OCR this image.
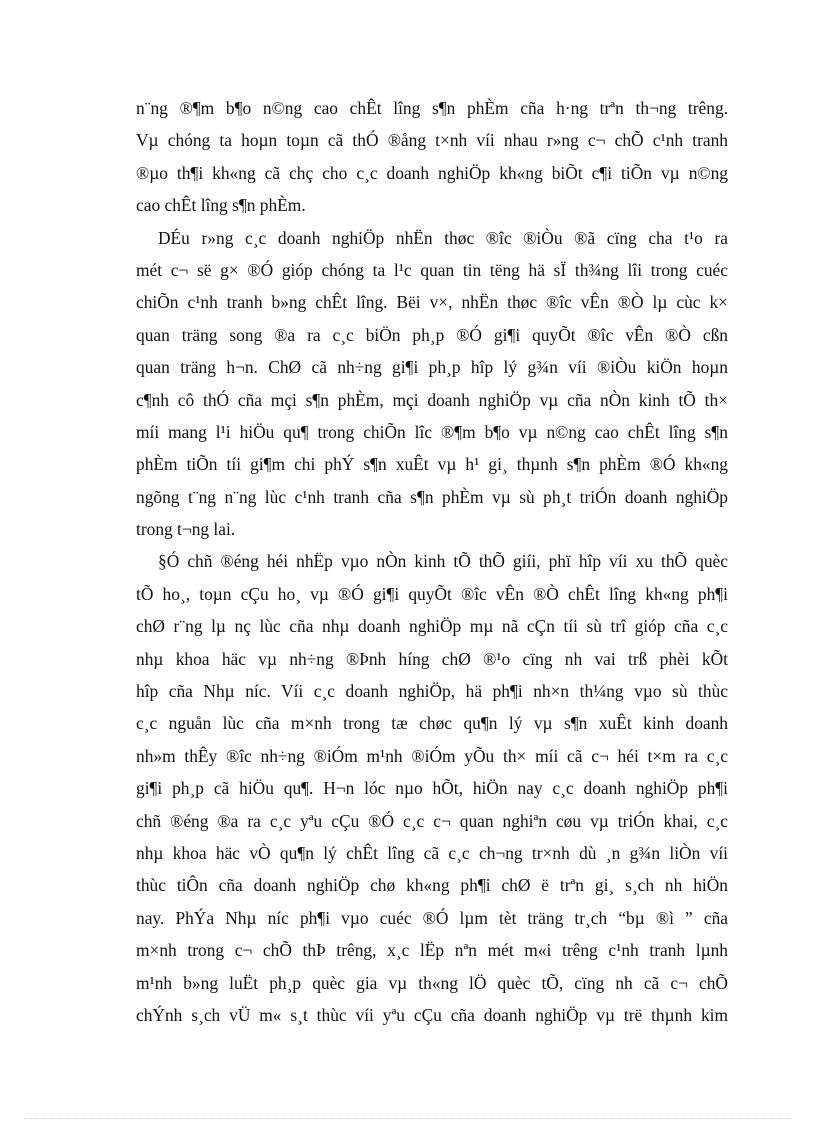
n¨ng ®¶m b¶o n©ng cao chÊt lîng s¶n phÈm cña h·ng trªn th¬ng trêng.
Vµ chóng ta hoµn toµn cã thÓ ®ång t×nh víi nhau r»ng c¬ chÕ c¹nh tranh
®µo th¶i kh«ng cã chç cho c¸c doanh nghiÖp kh«ng biÕt c¶i tiÕn vµ n©ng
cao chÊt lîng s¶n phÈm.
DÉu r»ng c¸c doanh nghiÖp nhËn thøc ®îc ®iÒu ®ã cïng cha t¹o ra
mét c¬ së g× ®Ó gióp chóng ta l¹c quan tin tëng hä sÏ th¾ng lîi trong cuéc
chiÕn c¹nh tranh b»ng chÊt lîng. Bëi v×, nhËn thøc ®îc vÊn ®Ò lµ cùc k×
quan träng song ®a ra c¸c biÖn ph¸p ®Ó gi¶i quyÕt ®îc vÊn ®Ò cßn
quan träng h¬n. ChØ cã nh÷ng gi¶i ph¸p hîp lý g¾n víi ®iÒu kiÖn hoµn
c¶nh cô thÓ cña mçi s¶n phÈm, mçi doanh nghiÖp vµ cña nÒn kinh tÕ th×
míi mang l¹i hiÖu qu¶ trong chiÕn lîc ®¶m b¶o vµ n©ng cao chÊt lîng s¶n
phÈm tiÕn tíi gi¶m chi phÝ s¶n xuÊt vµ h¹ gi¸ thµnh s¶n phÈm ®Ó kh«ng
ngõng t¨ng n¨ng lùc c¹nh tranh cña s¶n phÈm vµ sù ph¸t triÓn doanh nghiÖp
trong t¬ng lai.
§Ó chñ ®éng héi nhËp vµo nÒn kinh tÕ thÕ giíi, phï hîp víi xu thÕ quèc
tÕ ho¸, toµn cÇu ho¸ vµ ®Ó gi¶i quyÕt ®îc vÊn ®Ò chÊt lîng kh«ng ph¶i
chØ r¨ng lµ nç lùc cña nhµ doanh nghiÖp mµ nã cÇn tíi sù trî gióp cña c¸c
nhµ khoa häc vµ nh÷ng ®Þnh híng chØ ®¹o cïng nh vai trß phèi kÕt
hîp cña Nhµ níc. Víi c¸c doanh nghiÖp, hä ph¶i nh×n th¼ng vµo sù thùc
c¸c nguån lùc cña m×nh trong tæ chøc qu¶n lý vµ s¶n xuÊt kinh doanh
nh»m thÊy ®îc nh÷ng ®iÓm m¹nh ®iÓm yÕu th× míi cã c¬ héi t×m ra c¸c
gi¶i ph¸p cã hiÖu qu¶. H¬n lóc nµo hÕt, hiÖn nay c¸c doanh nghiÖp ph¶i
chñ ®éng ®a ra c¸c yªu cÇu ®Ó c¸c c¬ quan nghiªn cøu vµ triÓn khai, c¸c
nhµ khoa häc vÒ qu¶n lý chÊt lîng cã c¸c ch¬ng tr×nh dù ¸n g¾n liÒn víi
thùc tiÔn cña doanh nghiÖp chø kh«ng ph¶i chØ ë trªn gi¸ s¸ch nh hiÖn
nay. PhÝa Nhµ níc ph¶i vµo cuéc ®Ó lµm tèt träng tr¸ch “bµ ®ì ” cña
m×nh trong c¬ chÕ thÞ trêng, x¸c lËp nªn mét m«i trêng c¹nh tranh lµnh
m¹nh b»ng luËt ph¸p quèc gia vµ th«ng lÖ quèc tÕ, cïng nh cã c¬ chÕ
chÝnh s¸ch vÜ m« s¸t thùc víi yªu cÇu cña doanh nghiÖp vµ trë thµnh kim
